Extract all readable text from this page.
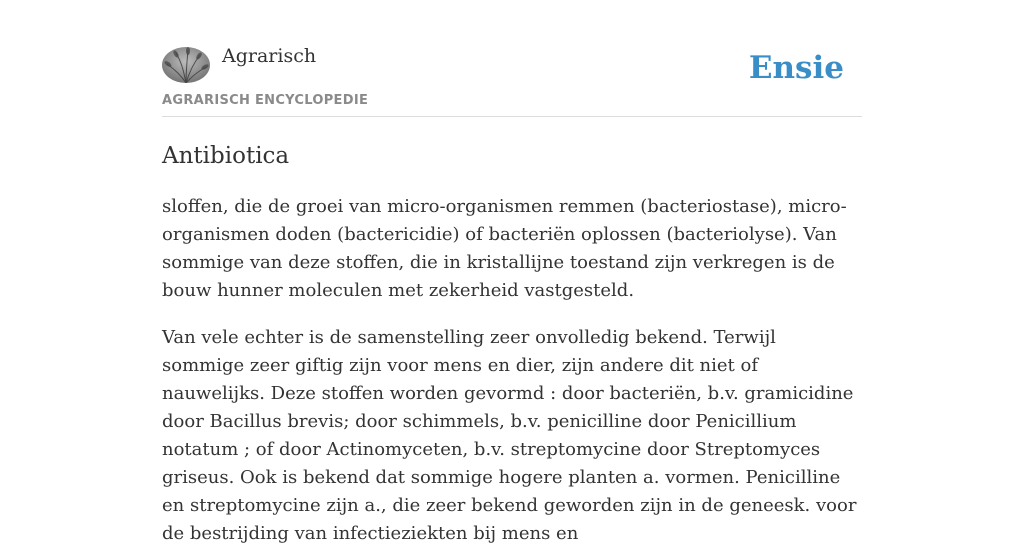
Agrarisch
AGRARISCH ENCYCLOPEDIE
Ensie
Antibiotica

sloffen, die de groei van micro-organismen remmen (bacteriostase), micro-organismen doden (bactericidie) of bacteriën oplossen (bacteriolyse). Van sommige van deze stoffen, die in kristallijne toestand zijn verkregen is de bouw hunner moleculen met zekerheid vastgesteld.

Van vele echter is de samenstelling zeer onvolledig bekend. Terwijl sommige zeer giftig zijn voor mens en dier, zijn andere dit niet of nauwelijks. Deze stoffen worden gevormd : door bacteriën, b.v. gramicidine door Bacillus brevis; door schimmels, b.v. penicilline door Penicillium notatum ; of door Actinomyceten, b.v. streptomycine door Streptomyces griseus. Ook is bekend dat sommige hogere planten a. vormen. Penicilline en streptomycine zijn a., die zeer bekend geworden zijn in de geneesk. voor de bestrijding van infectieziekten bij mens en
